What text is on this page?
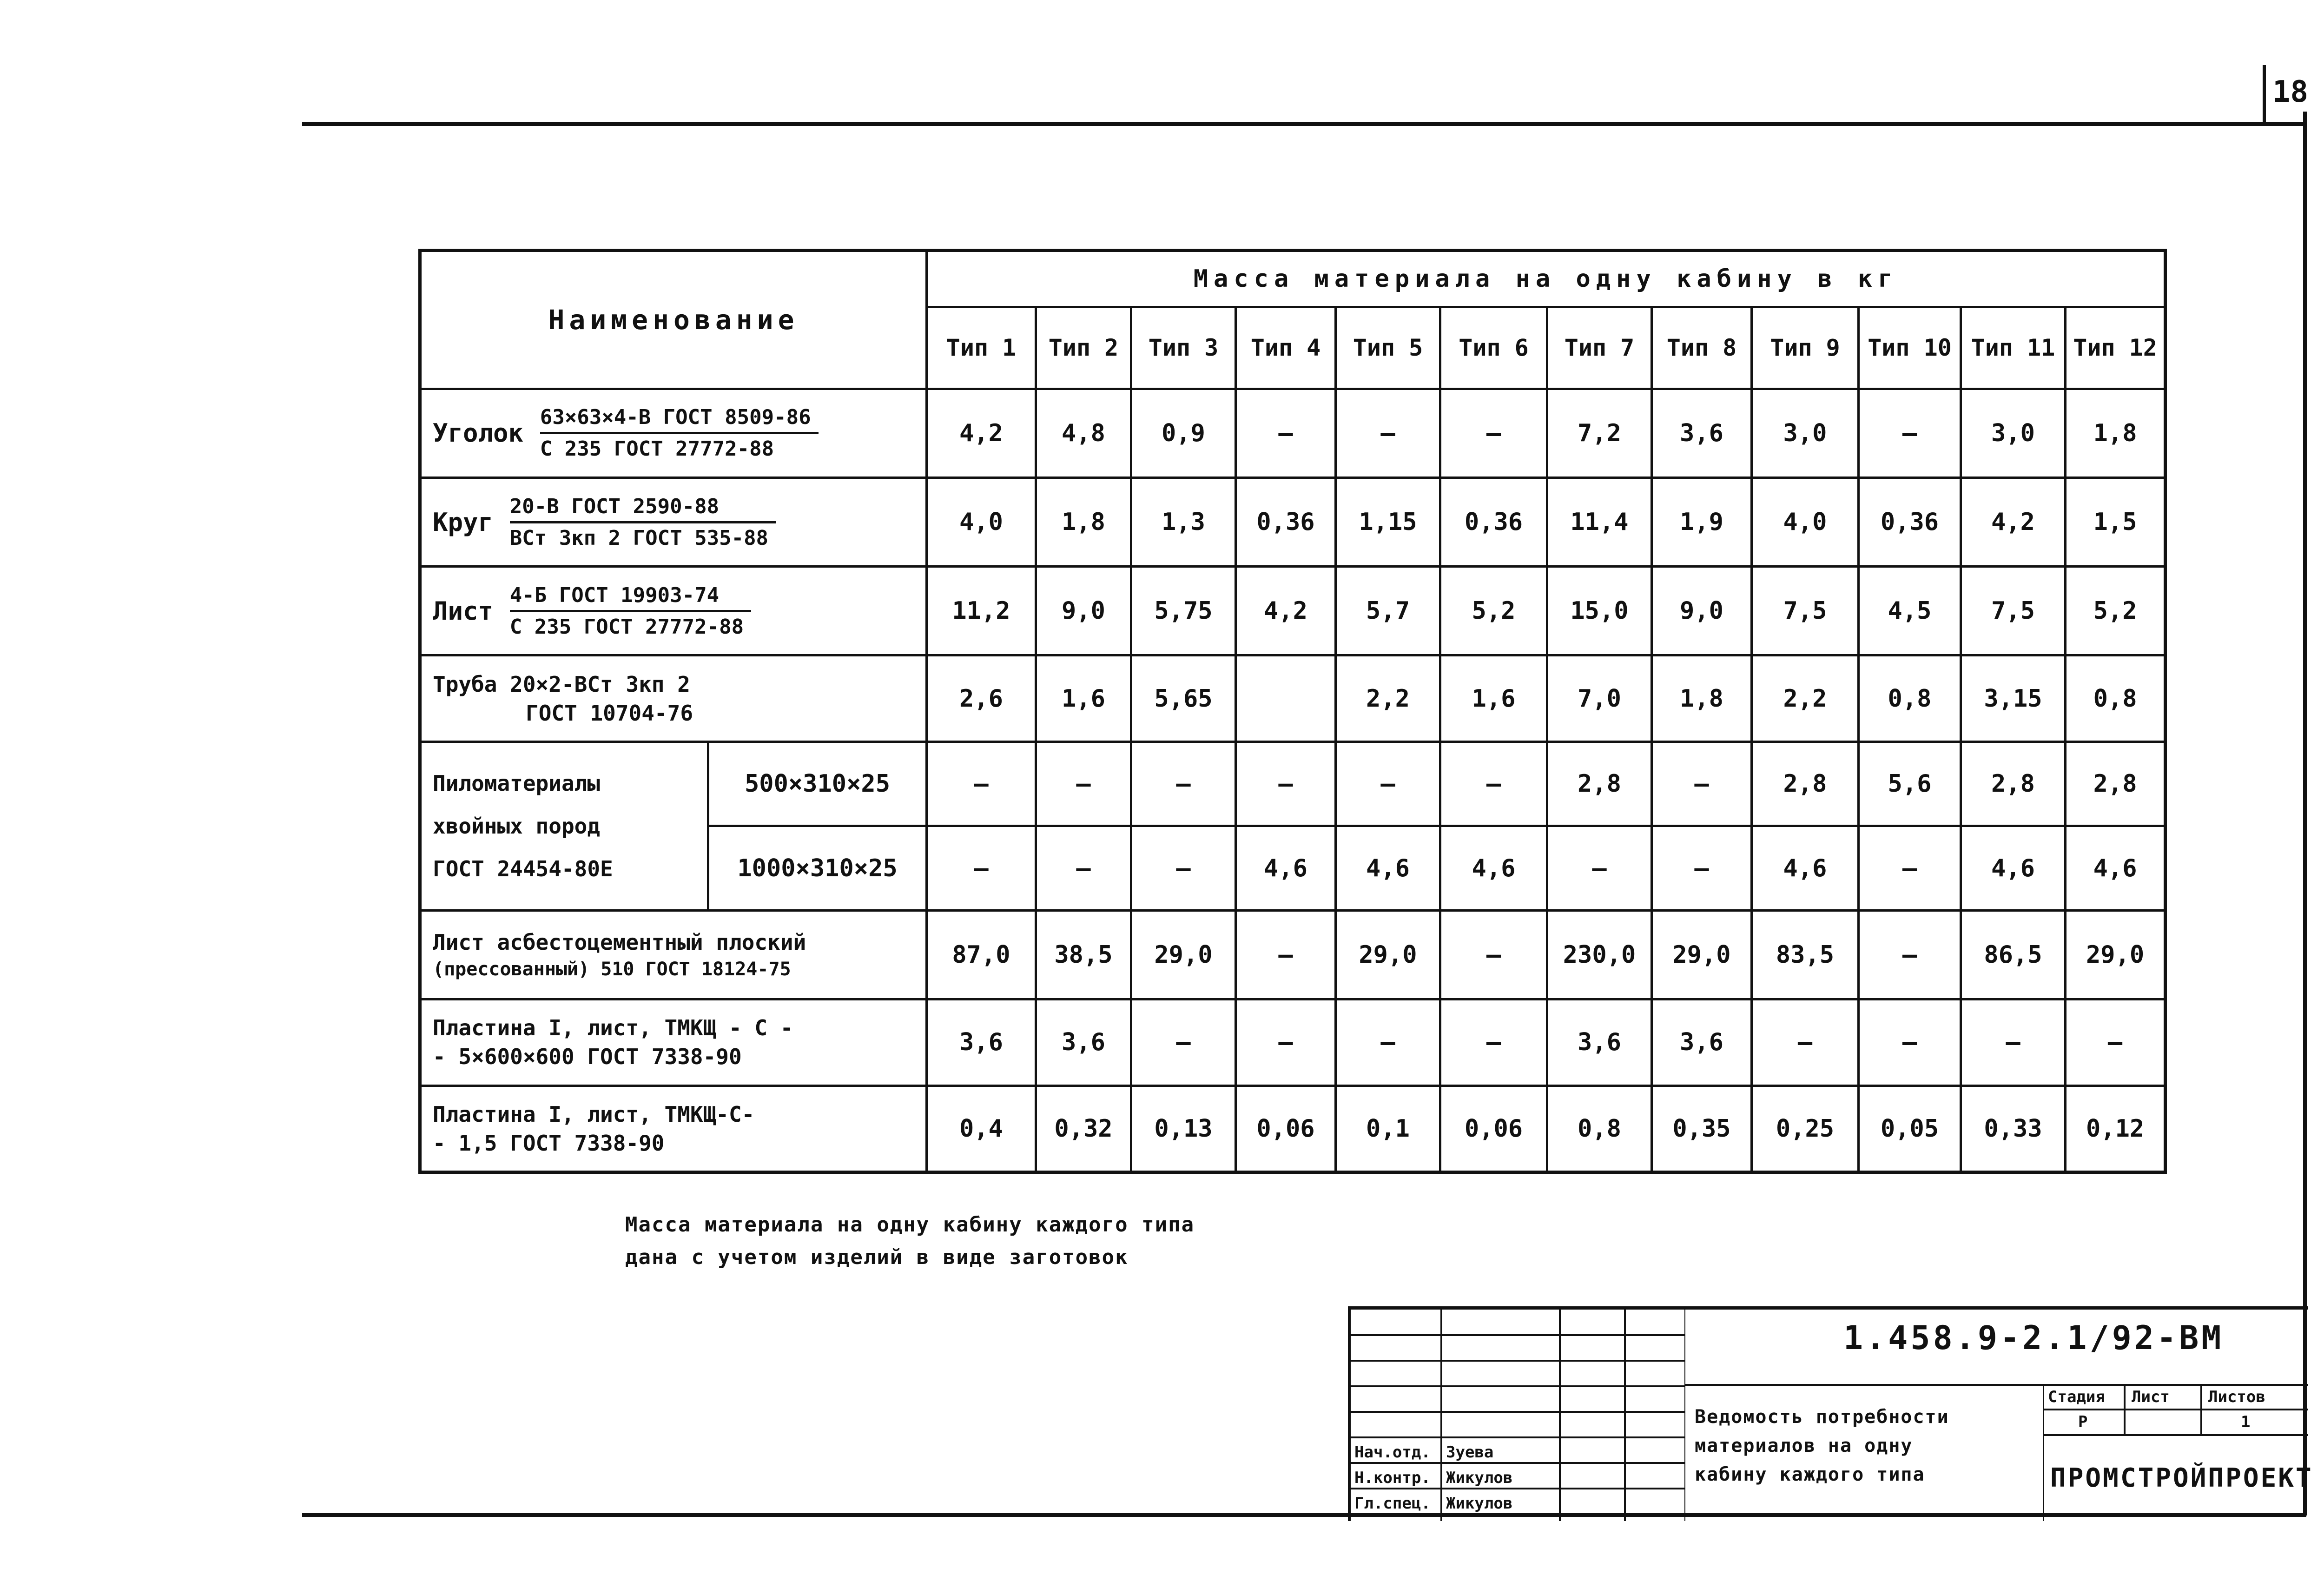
18
Наименование		Масса материала на одну кабину в кг											
		Тип 1	Тип 2	Тип 3	Тип 4	Тип 5	Тип 6	Тип 7	Тип 8	Тип 9	Тип 10	Тип 11	Тип 12
Уголок $\frac{\text{63×63×4-В ГОСТ 8509-86}}{\text{С 235 ГОСТ 27772-88}}$		4,2	4,8	0,9	—	—	—	7,2	3,6	3,0	—	3,0	1,8
Круг $\frac{\text{20-В ГОСТ 2590-88}}{\text{ВСт 3кп 2 ГОСТ 535-88}}$		4,0	1,8	1,3	0,36	1,15	0,36	11,4	1,9	4,0	0,36	4,2	1,5
Лист $\frac{\text{4-Б ГОСТ 19903-74}}{\text{С 235 ГОСТ 27772-88}}$		11,2	9,0	5,75	4,2	5,7	5,2	15,0	9,0	7,5	4,5	7,5	5,2

Труба 20×2-ВСт 3кп 2
ГОСТ 10704-76		2,6	1,6	5,65		2,2	1,6	7,0	1,8	2,2	0,8	3,15	0,8

Пиломатериалы
хвойных пород
ГОСТ 24454-80Е	500×310×25	—	—	—	—	—	—	2,8	—	2,8	5,6	2,8	2,8
	1000×310×25	—	—	—	4,6	4,6	4,6	—	—	4,6	—	4,6	4,6

Лист асбестоцементный плоский
(прессованный) 510 ГОСТ 18124-75		87,0	38,5	29,0	—	29,0	—	230,0	29,0	83,5	—	86,5	29,0

Пластина I, лист, ТМКЩ - С -
- 5×600×600 ГОСТ 7338-90		3,6	3,6	—	—	—	—	3,6	3,6	—	—	—	—

Пластина I, лист, ТМКЩ-С-
- 1,5 ГОСТ 7338-90		0,4	0,32	0,13	0,06	0,1	0,06	0,8	0,35	0,25	0,05	0,33	0,12
Масса материала на одну кабину каждого типа
дана с учетом изделий в виде заготовок
Нач.отд. Зуева
Н.контр. Жикулов
Гл.спец. Жикулов
1.458.9-2.1/92-ВМ
Ведомость потребности
материалов на одну
кабину каждого типа
Стадия Лист Листов
Р	1
ПРОМСТРОЙПРОЕКТ
